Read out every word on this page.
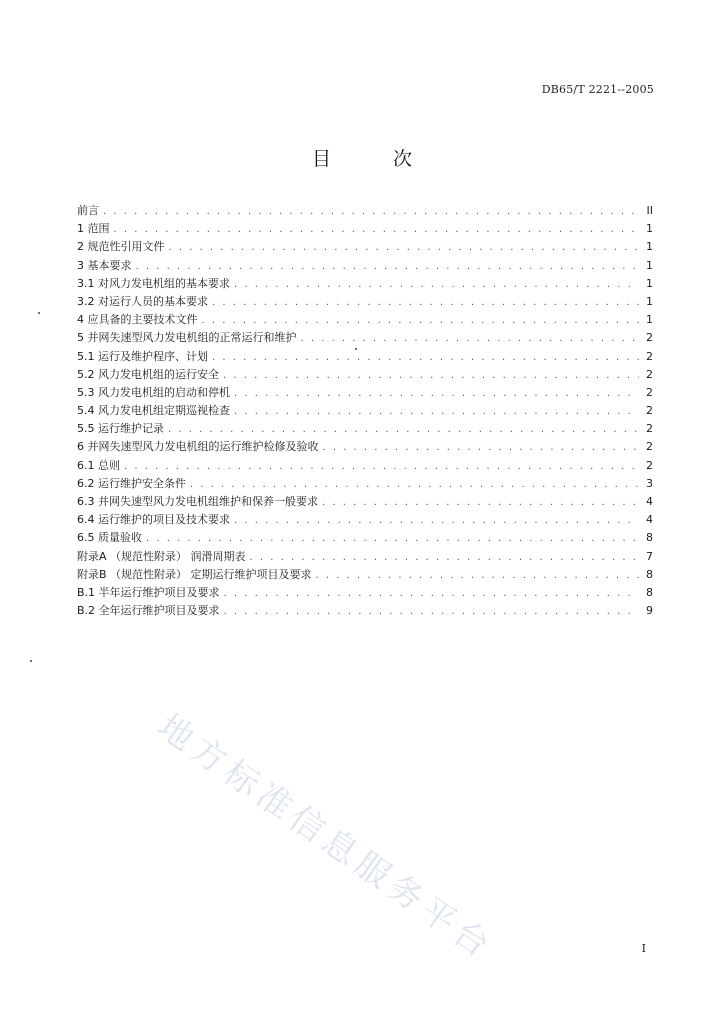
DB65/T 2221--2005
目 次
前言 . . .	II
1 范围 . . .	1
2 规范性引用文件 . . .	1
3 基本要求 . . .	1
3.1 对风力发电机组的基本要求 . . .	1
3.2 对运行人员的基本要求 . . .	1
4 应具备的主要技术文件 . . .	1
5 并网失速型风力发电机组的正常运行和维护 . . .	2
5.1 运行及维护程序、计划 . . .	2
5.2 风力发电机组的运行安全 . . .	2
5.3 风力发电机组的启动和停机 . . .	2
5.4 风力发电机组定期巡视检查 . . .	2
5.5 运行维护记录 . . .	2
6 并网失速型风力发电机组的运行维护检修及验收 . . .	2
6.1 总则 . . .	2
6.2 运行维护安全条件 . . .	3
6.3 并网失速型风力发电机组维护和保养一般要求 . . .	4
6.4 运行维护的项目及技术要求 . . .	4
6.5 质量验收 . . .	8
附录A （规范性附录） 润滑周期表 . . .	7
附录B （规范性附录） 定期运行维护项目及要求 . . .	8
B.1 半年运行维护项目及要求 . . .	8
B.2 全年运行维护项目及要求 . . .	9
地方标准信息服务平台	I
